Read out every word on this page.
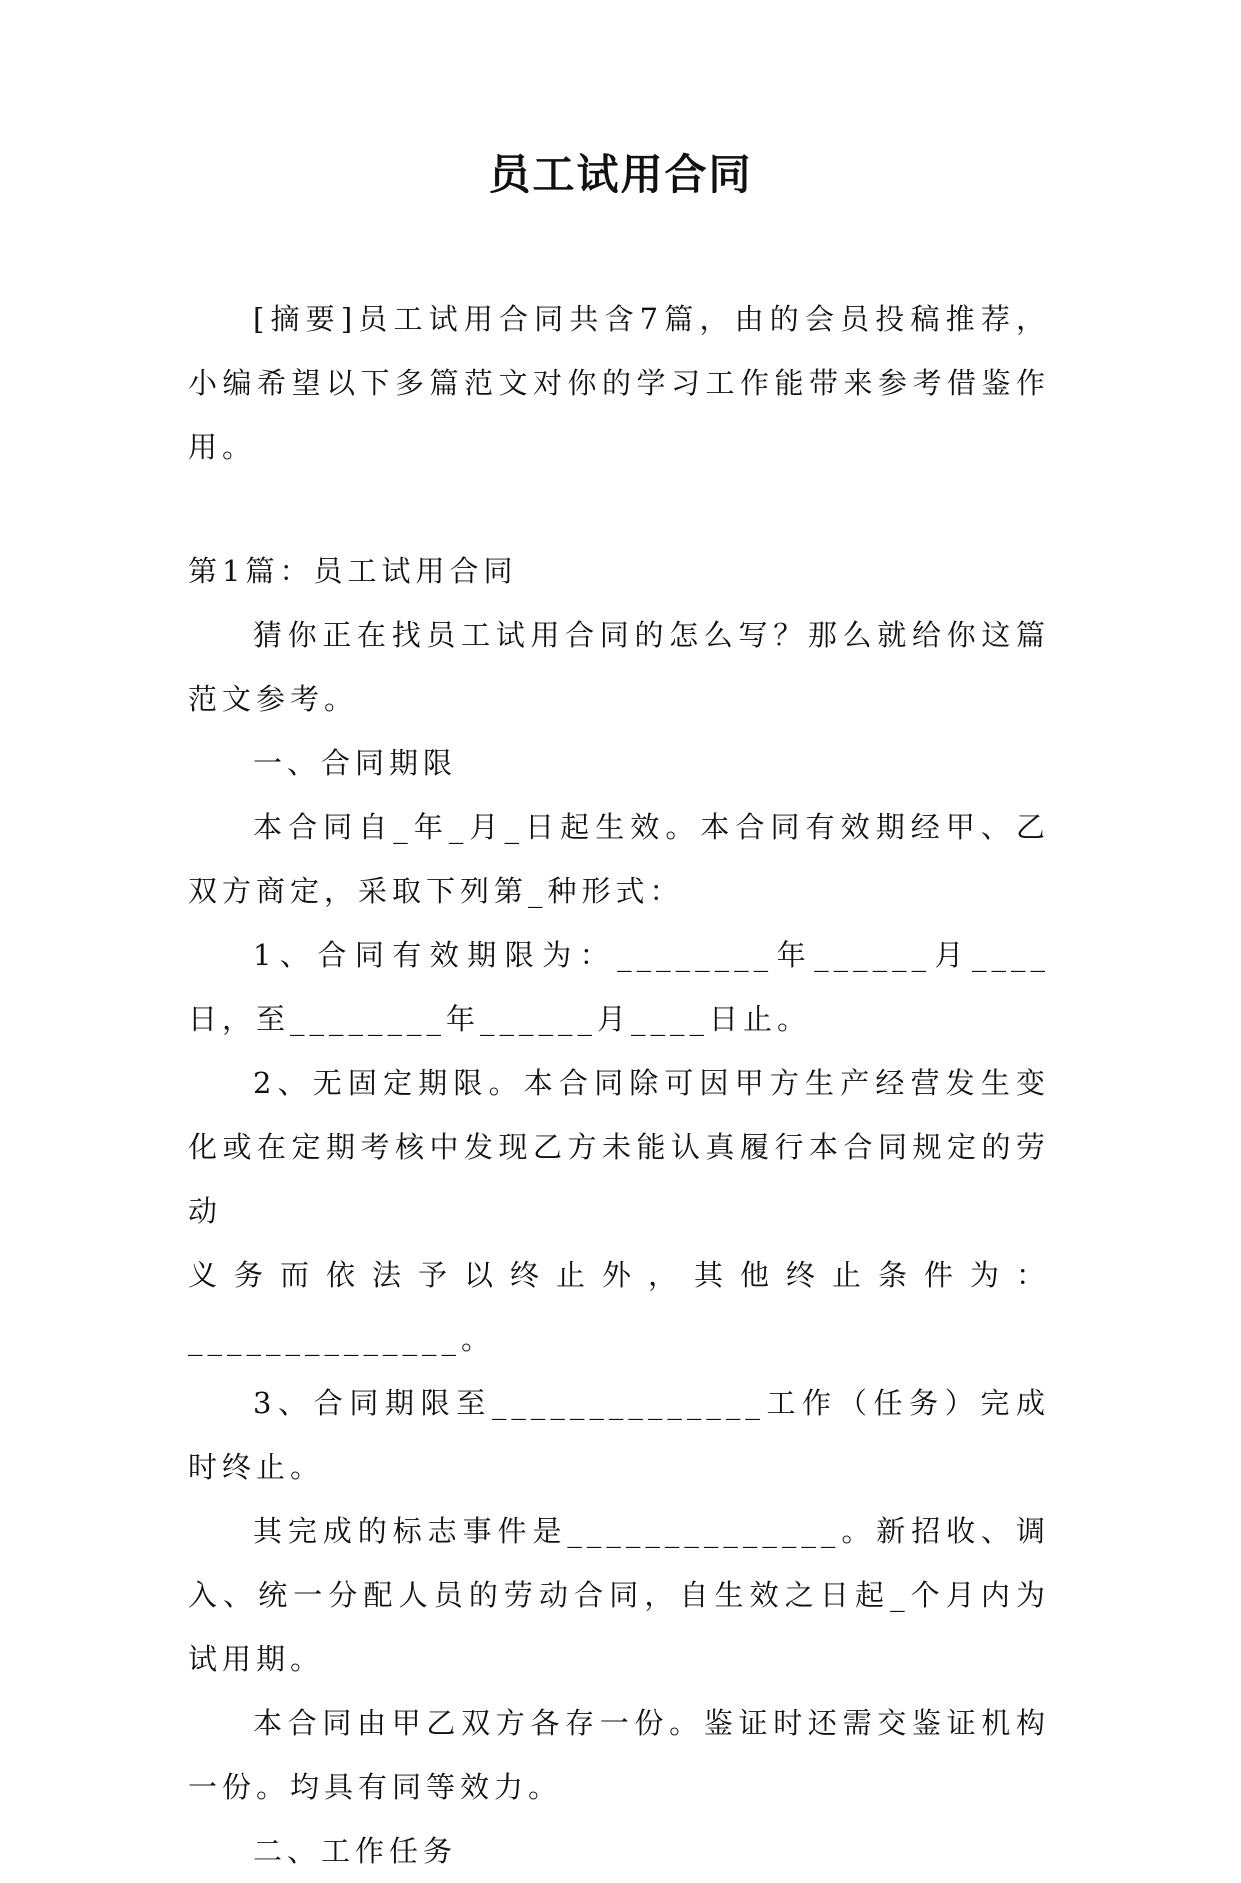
员工试用合同

[摘要]员工试用合同共含7篇，由的会员投稿推荐，小编希望以下多篇范文对你的学习工作能带来参考借鉴作用。

第1篇：员工试用合同

猜你正在找员工试用合同的怎么写？那么就给你这篇范文参考。

一、合同期限

本合同自_年_月_日起生效。本合同有效期经甲、乙双方商定，采取下列第_种形式：

1、合同有效期限为：________年______月____日，至________年______月____日止。

2、无固定期限。本合同除可因甲方生产经营发生变化或在定期考核中发现乙方未能认真履行本合同规定的劳动

义务而依法予以终止外，其他终止条件为：

______________。

3、合同期限至______________工作（任务）完成时终止。

其完成的标志事件是______________。新招收、调入、统一分配人员的劳动合同，自生效之日起_个月内为试用期。

本合同由甲乙双方各存一份。鉴证时还需交鉴证机构一份。均具有同等效力。

二、工作任务
